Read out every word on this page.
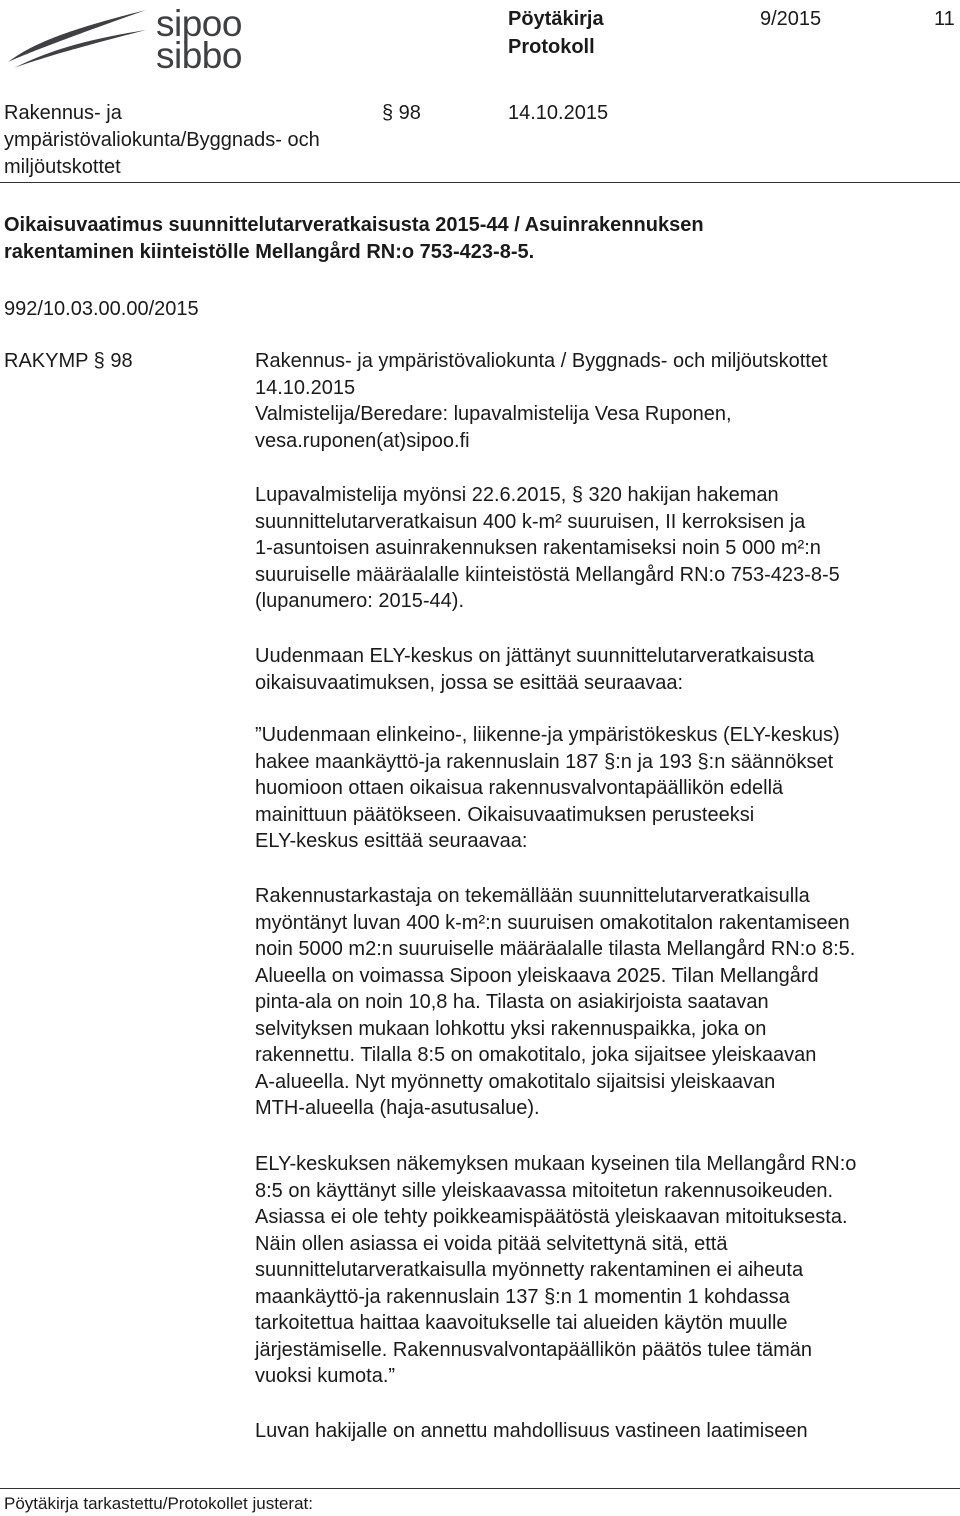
sipoo
sibbo
Pöytäkirja
Protokoll
9/2015	11
Rakennus- ja
ympäristövaliokunta/Byggnads- och
miljöutskottet
§ 98	14.10.2015
Oikaisuvaatimus suunnittelutarveratkaisusta 2015-44 / Asuinrakennuksen
rakentaminen kiinteistölle Mellangård RN:o 753-423-8-5.
992/10.03.00.00/2015
RAKYMP § 98	Rakennus- ja ympäristövaliokunta / Byggnads- och miljöutskottet
14.10.2015
Valmistelija/Beredare: lupavalmistelija Vesa Ruponen,
vesa.ruponen(at)sipoo.fi
Lupavalmistelija myönsi 22.6.2015, § 320 hakijan hakeman
suunnittelutarveratkaisun 400 k-m² suuruisen, II kerroksisen ja
1-asuntoisen asuinrakennuksen rakentamiseksi noin 5 000 m²:n
suuruiselle määräalalle kiinteistöstä Mellangård RN:o 753-423-8-5
(lupanumero: 2015-44).
Uudenmaan ELY-keskus on jättänyt suunnittelutarveratkaisusta
oikaisuvaatimuksen, jossa se esittää seuraavaa:
”Uudenmaan elinkeino-, liikenne-ja ympäristökeskus (ELY-keskus)
hakee maankäyttö-ja rakennuslain 187 §:n ja 193 §:n säännökset
huomioon ottaen oikaisua rakennusvalvontapäällikön edellä
mainittuun päätökseen. Oikaisuvaatimuksen perusteeksi
ELY-keskus esittää seuraavaa:
Rakennustarkastaja on tekemällään suunnittelutarveratkaisulla
myöntänyt luvan 400 k-m²:n suuruisen omakotitalon rakentamiseen
noin 5000 m2:n suuruiselle määräalalle tilasta Mellangård RN:o 8:5.
Alueella on voimassa Sipoon yleiskaava 2025. Tilan Mellangård
pinta-ala on noin 10,8 ha. Tilasta on asiakirjoista saatavan
selvityksen mukaan lohkottu yksi rakennuspaikka, joka on
rakennettu. Tilalla 8:5 on omakotitalo, joka sijaitsee yleiskaavan
A-alueella. Nyt myönnetty omakotitalo sijaitsisi yleiskaavan
MTH-alueella (haja-asutusalue).
ELY-keskuksen näkemyksen mukaan kyseinen tila Mellangård RN:o
8:5 on käyttänyt sille yleiskaavassa mitoitetun rakennusoikeuden.
Asiassa ei ole tehty poikkeamispäätöstä yleiskaavan mitoituksesta.
Näin ollen asiassa ei voida pitää selvitettynä sitä, että
suunnittelutarveratkaisulla myönnetty rakentaminen ei aiheuta
maankäyttö-ja rakennuslain 137 §:n 1 momentin 1 kohdassa
tarkoitettua haittaa kaavoitukselle tai alueiden käytön muulle
järjestämiselle. Rakennusvalvontapäällikön päätös tulee tämän
vuoksi kumota.”
Luvan hakijalle on annettu mahdollisuus vastineen laatimiseen
Pöytäkirja tarkastettu/Protokollet justerat:
